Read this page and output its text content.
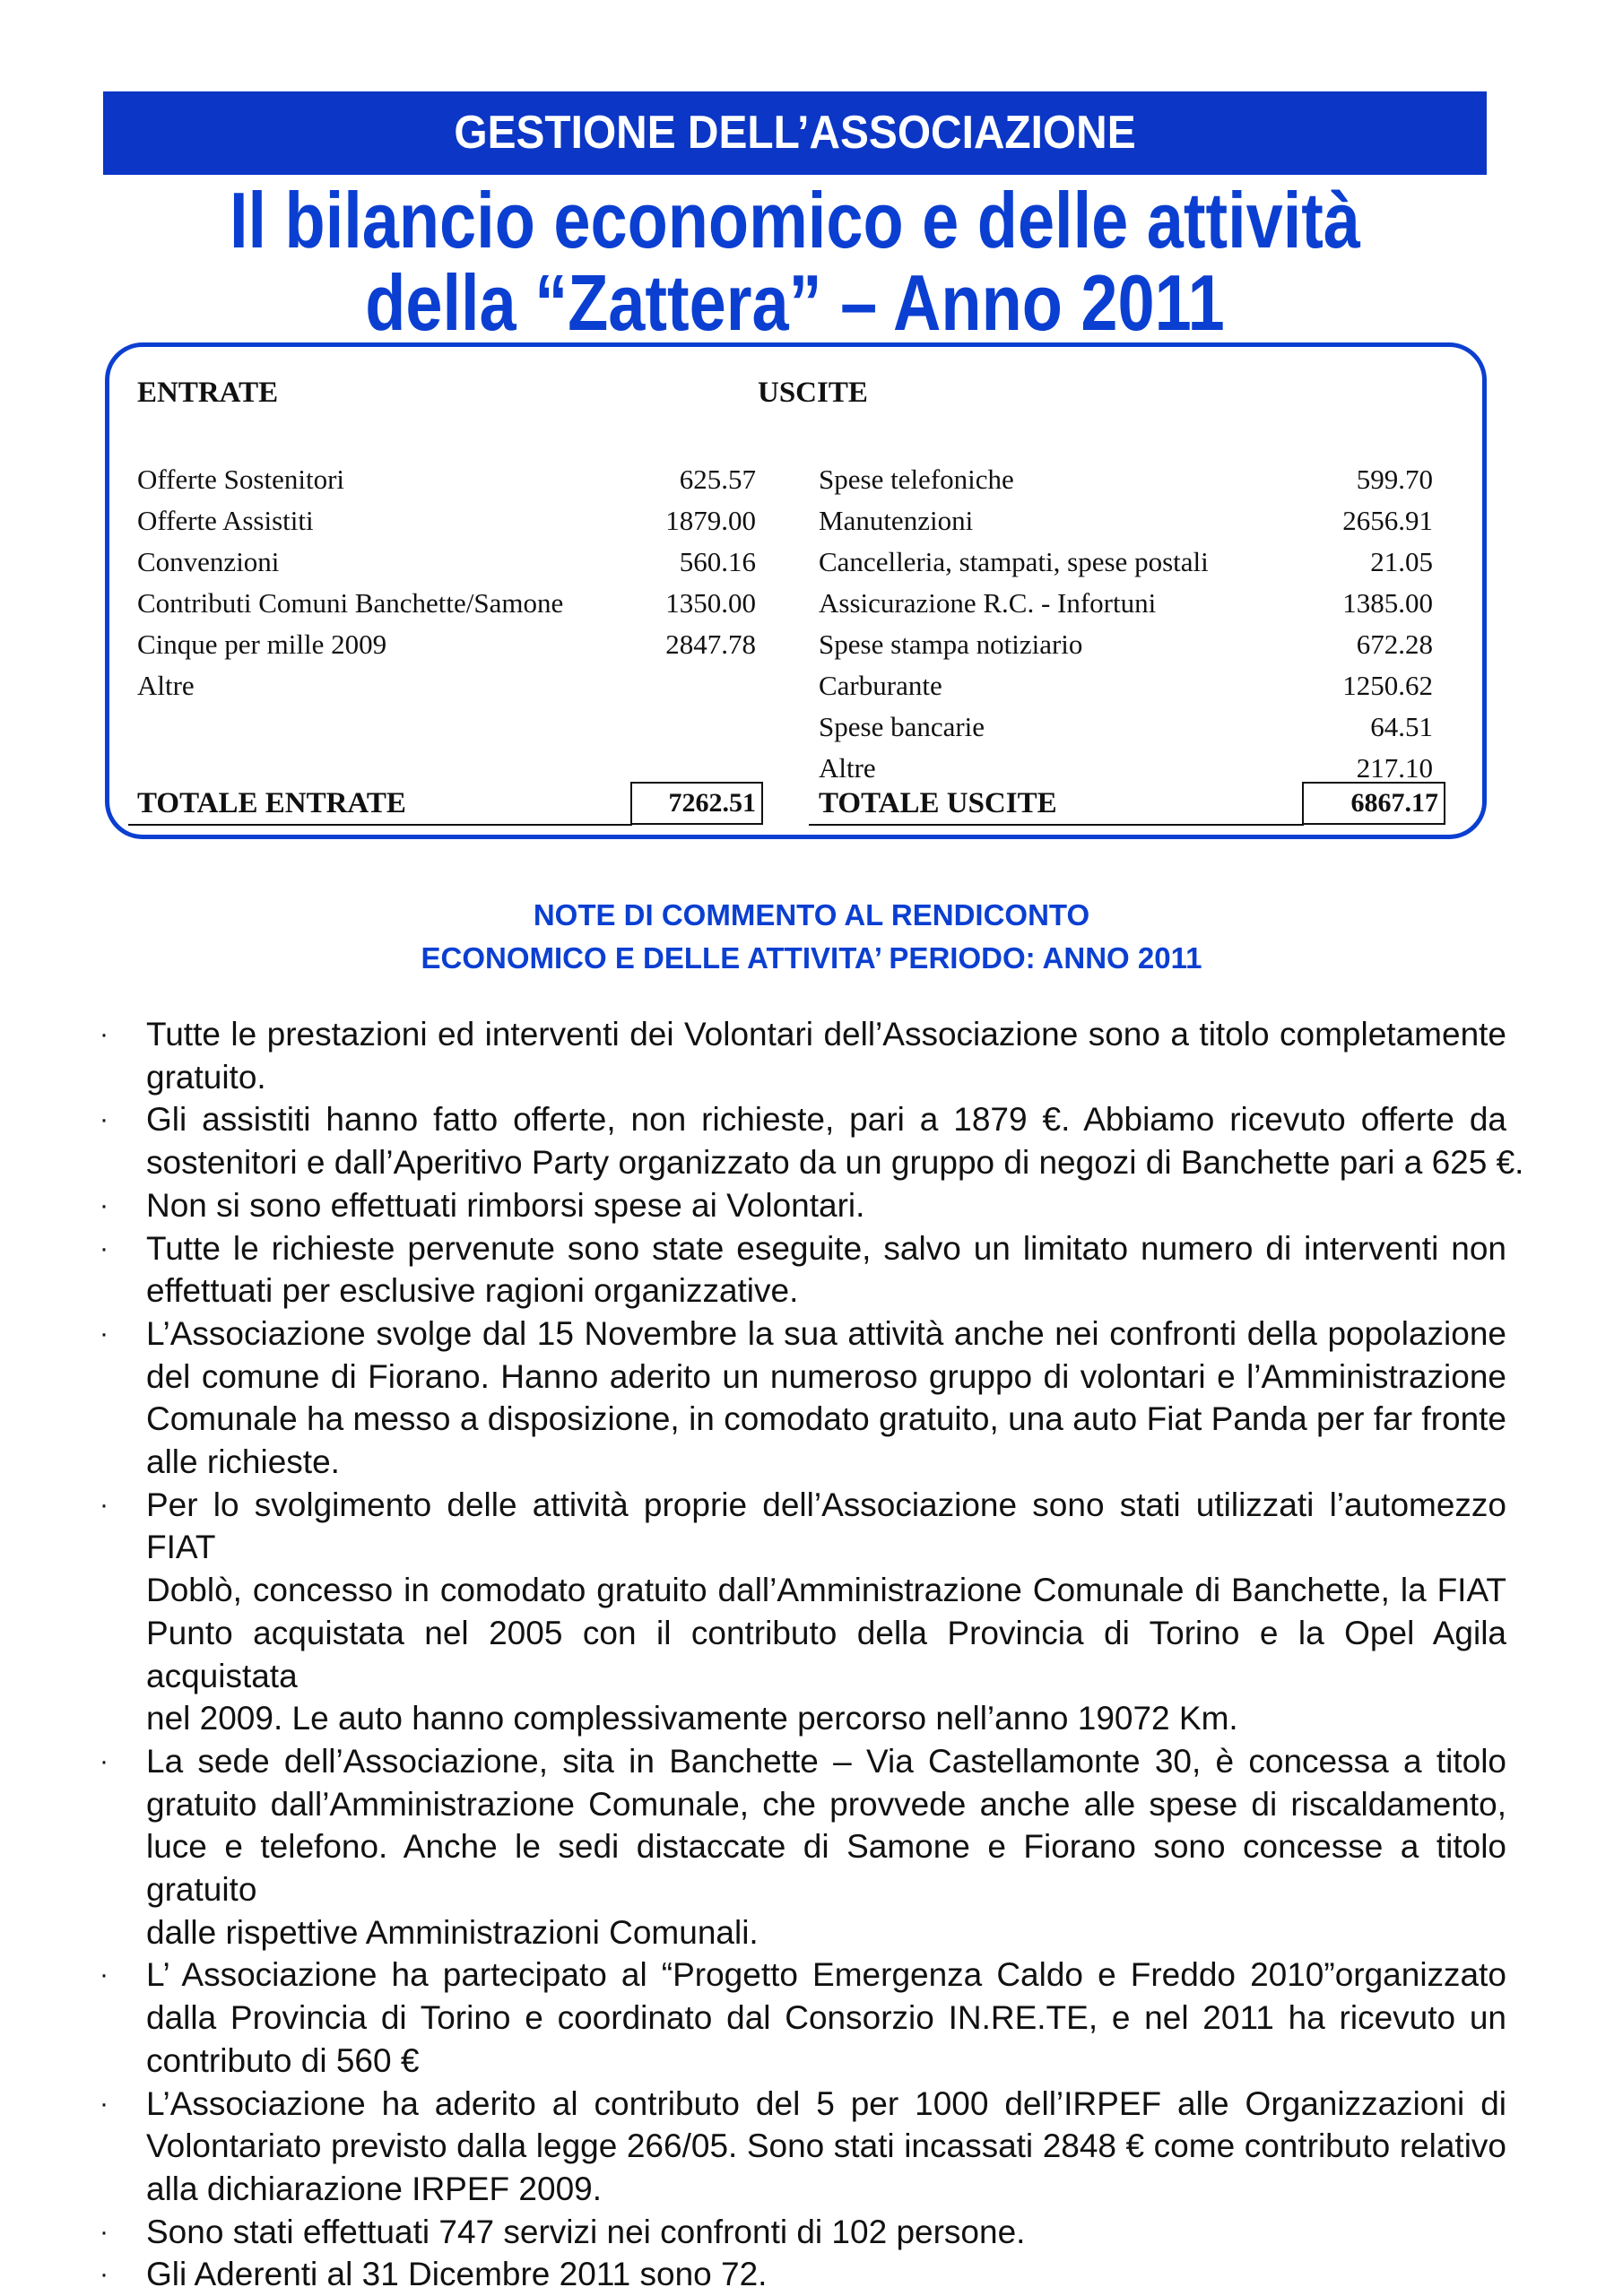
GESTIONE DELL’ASSOCIAZIONE
Il bilancio economico e delle attività
della “Zattera” – Anno 2011
ENTRATE	USCITE
Offerte Sostenitori	625.57
Offerte Assistiti	1879.00
Convenzioni	560.16
Contributi Comuni Banchette/Samone	1350.00
Cinque per mille 2009	2847.78
Altre
Spese telefoniche	599.70
Manutenzioni	2656.91
Cancelleria, stampati, spese postali	21.05
Assicurazione R.C. - Infortuni	1385.00
Spese stampa notiziario	672.28
Carburante	1250.62
Spese bancarie	64.51
Altre	217.10
TOTALE ENTRATE	7262.51 TOTALE USCITE	6867.17
NOTE DI COMMENTO AL RENDICONTO
ECONOMICO E DELLE ATTIVITA’ PERIODO: ANNO 2011
· Tutte le prestazioni ed interventi dei Volontari dell’Associazione sono a titolo completamente
gratuito.
· Gli assistiti hanno fatto offerte, non richieste, pari a 1879 €. Abbiamo ricevuto offerte da
sostenitori e dall’Aperitivo Party organizzato da un gruppo di negozi di Banchette pari a 625 €.
· Non si sono effettuati rimborsi spese ai Volontari.
· Tutte le richieste pervenute sono state eseguite, salvo un limitato numero di interventi non
effettuati per esclusive ragioni organizzative.
· L’Associazione svolge dal 15 Novembre la sua attività anche nei confronti della popolazione
del comune di Fiorano. Hanno aderito un numeroso gruppo di volontari e l’Amministrazione
Comunale ha messo a disposizione, in comodato gratuito, una auto Fiat Panda per far fronte
alle richieste.
· Per lo svolgimento delle attività proprie dell’Associazione sono stati utilizzati l’automezzo FIAT
Doblò, concesso in comodato gratuito dall’Amministrazione Comunale di Banchette, la FIAT
Punto acquistata nel 2005 con il contributo della Provincia di Torino e la Opel Agila acquistata
nel 2009. Le auto hanno complessivamente percorso nell’anno 19072 Km.
· La sede dell’Associazione, sita in Banchette – Via Castellamonte 30, è concessa a titolo
gratuito dall’Amministrazione Comunale, che provvede anche alle spese di riscaldamento,
luce e telefono. Anche le sedi distaccate di Samone e Fiorano sono concesse a titolo gratuito
dalle rispettive Amministrazioni Comunali.
· L’ Associazione ha partecipato al “Progetto Emergenza Caldo e Freddo 2010”organizzato
dalla Provincia di Torino e coordinato dal Consorzio IN.RE.TE, e nel 2011 ha ricevuto un
contributo di 560 €
· L’Associazione ha aderito al contributo del 5 per 1000 dell’IRPEF alle Organizzazioni di
Volontariato previsto dalla legge 266/05. Sono stati incassati 2848 € come contributo relativo
alla dichiarazione IRPEF 2009.
· Sono stati effettuati 747 servizi nei confronti di 102 persone.
· Gli Aderenti al 31 Dicembre 2011 sono 72.
